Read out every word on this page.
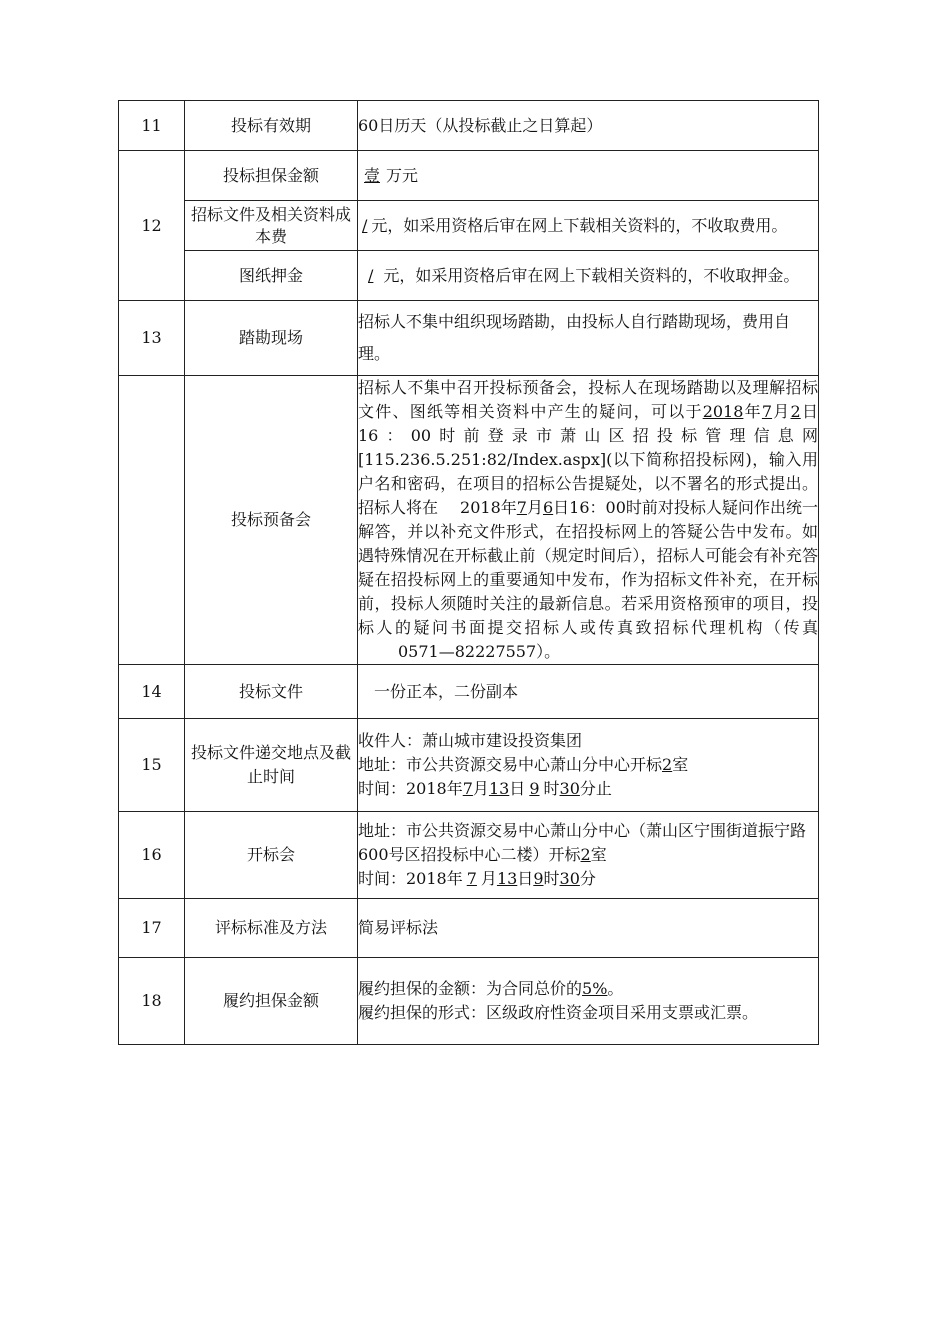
11	投标有效期	60日历天（从投标截止之日算起）
12	投标担保金额	壹 万元
	招标文件及相关资料成本费	/ 元，如采用资格后审在网上下载相关资料的，不收取费用。
	图纸押金	/ 元，如采用资格后审在网上下载相关资料的，不收取押金。
13	踏勘现场	招标人不集中组织现场踏勘，由投标人自行踏勘现场，费用自理。
	投标预备会	招标人不集中召开投标预备会，投标人在现场踏勘以及理解招标文件、图纸等相关资料中产生的疑问，可以于2018年7月2日16：00时前登录市萧山区招投标管理信息网[115.236.5.251:82/Index.aspx](以下简称招投标网)，输入用户名和密码，在项目的招标公告提疑处，以不署名的形式提出。招标人将在 2018年7月6日16：00时前对投标人疑问作出统一解答，并以补充文件形式，在招投标网上的答疑公告中发布。如遇特殊情况在开标截止前（规定时间后），招标人可能会有补充答疑在招投标网上的重要通知中发布，作为招标文件补充，在开标前，投标人须随时关注的最新信息。若采用资格预审的项目，投标人的疑问书面提交招标人或传真致招标代理机构（传真0571—82227557）。
14	投标文件	一份正本，二份副本
15	投标文件递交地点及截止时间	收件人：萧山城市建设投资集团
地址：市公共资源交易中心萧山分中心开标2室
时间：2018年7月13日 9 时30分止

16	开标会	地址：市公共资源交易中心萧山分中心（萧山区宁围街道振宁路600号区招投标中心二楼）开标2室
时间：2018年 7 月13日9时30分

17	评标标准及方法	简易评标法
18	履约担保金额	履约担保的金额：为合同总价的5%。
履约担保的形式：区级政府性资金项目采用支票或汇票。
